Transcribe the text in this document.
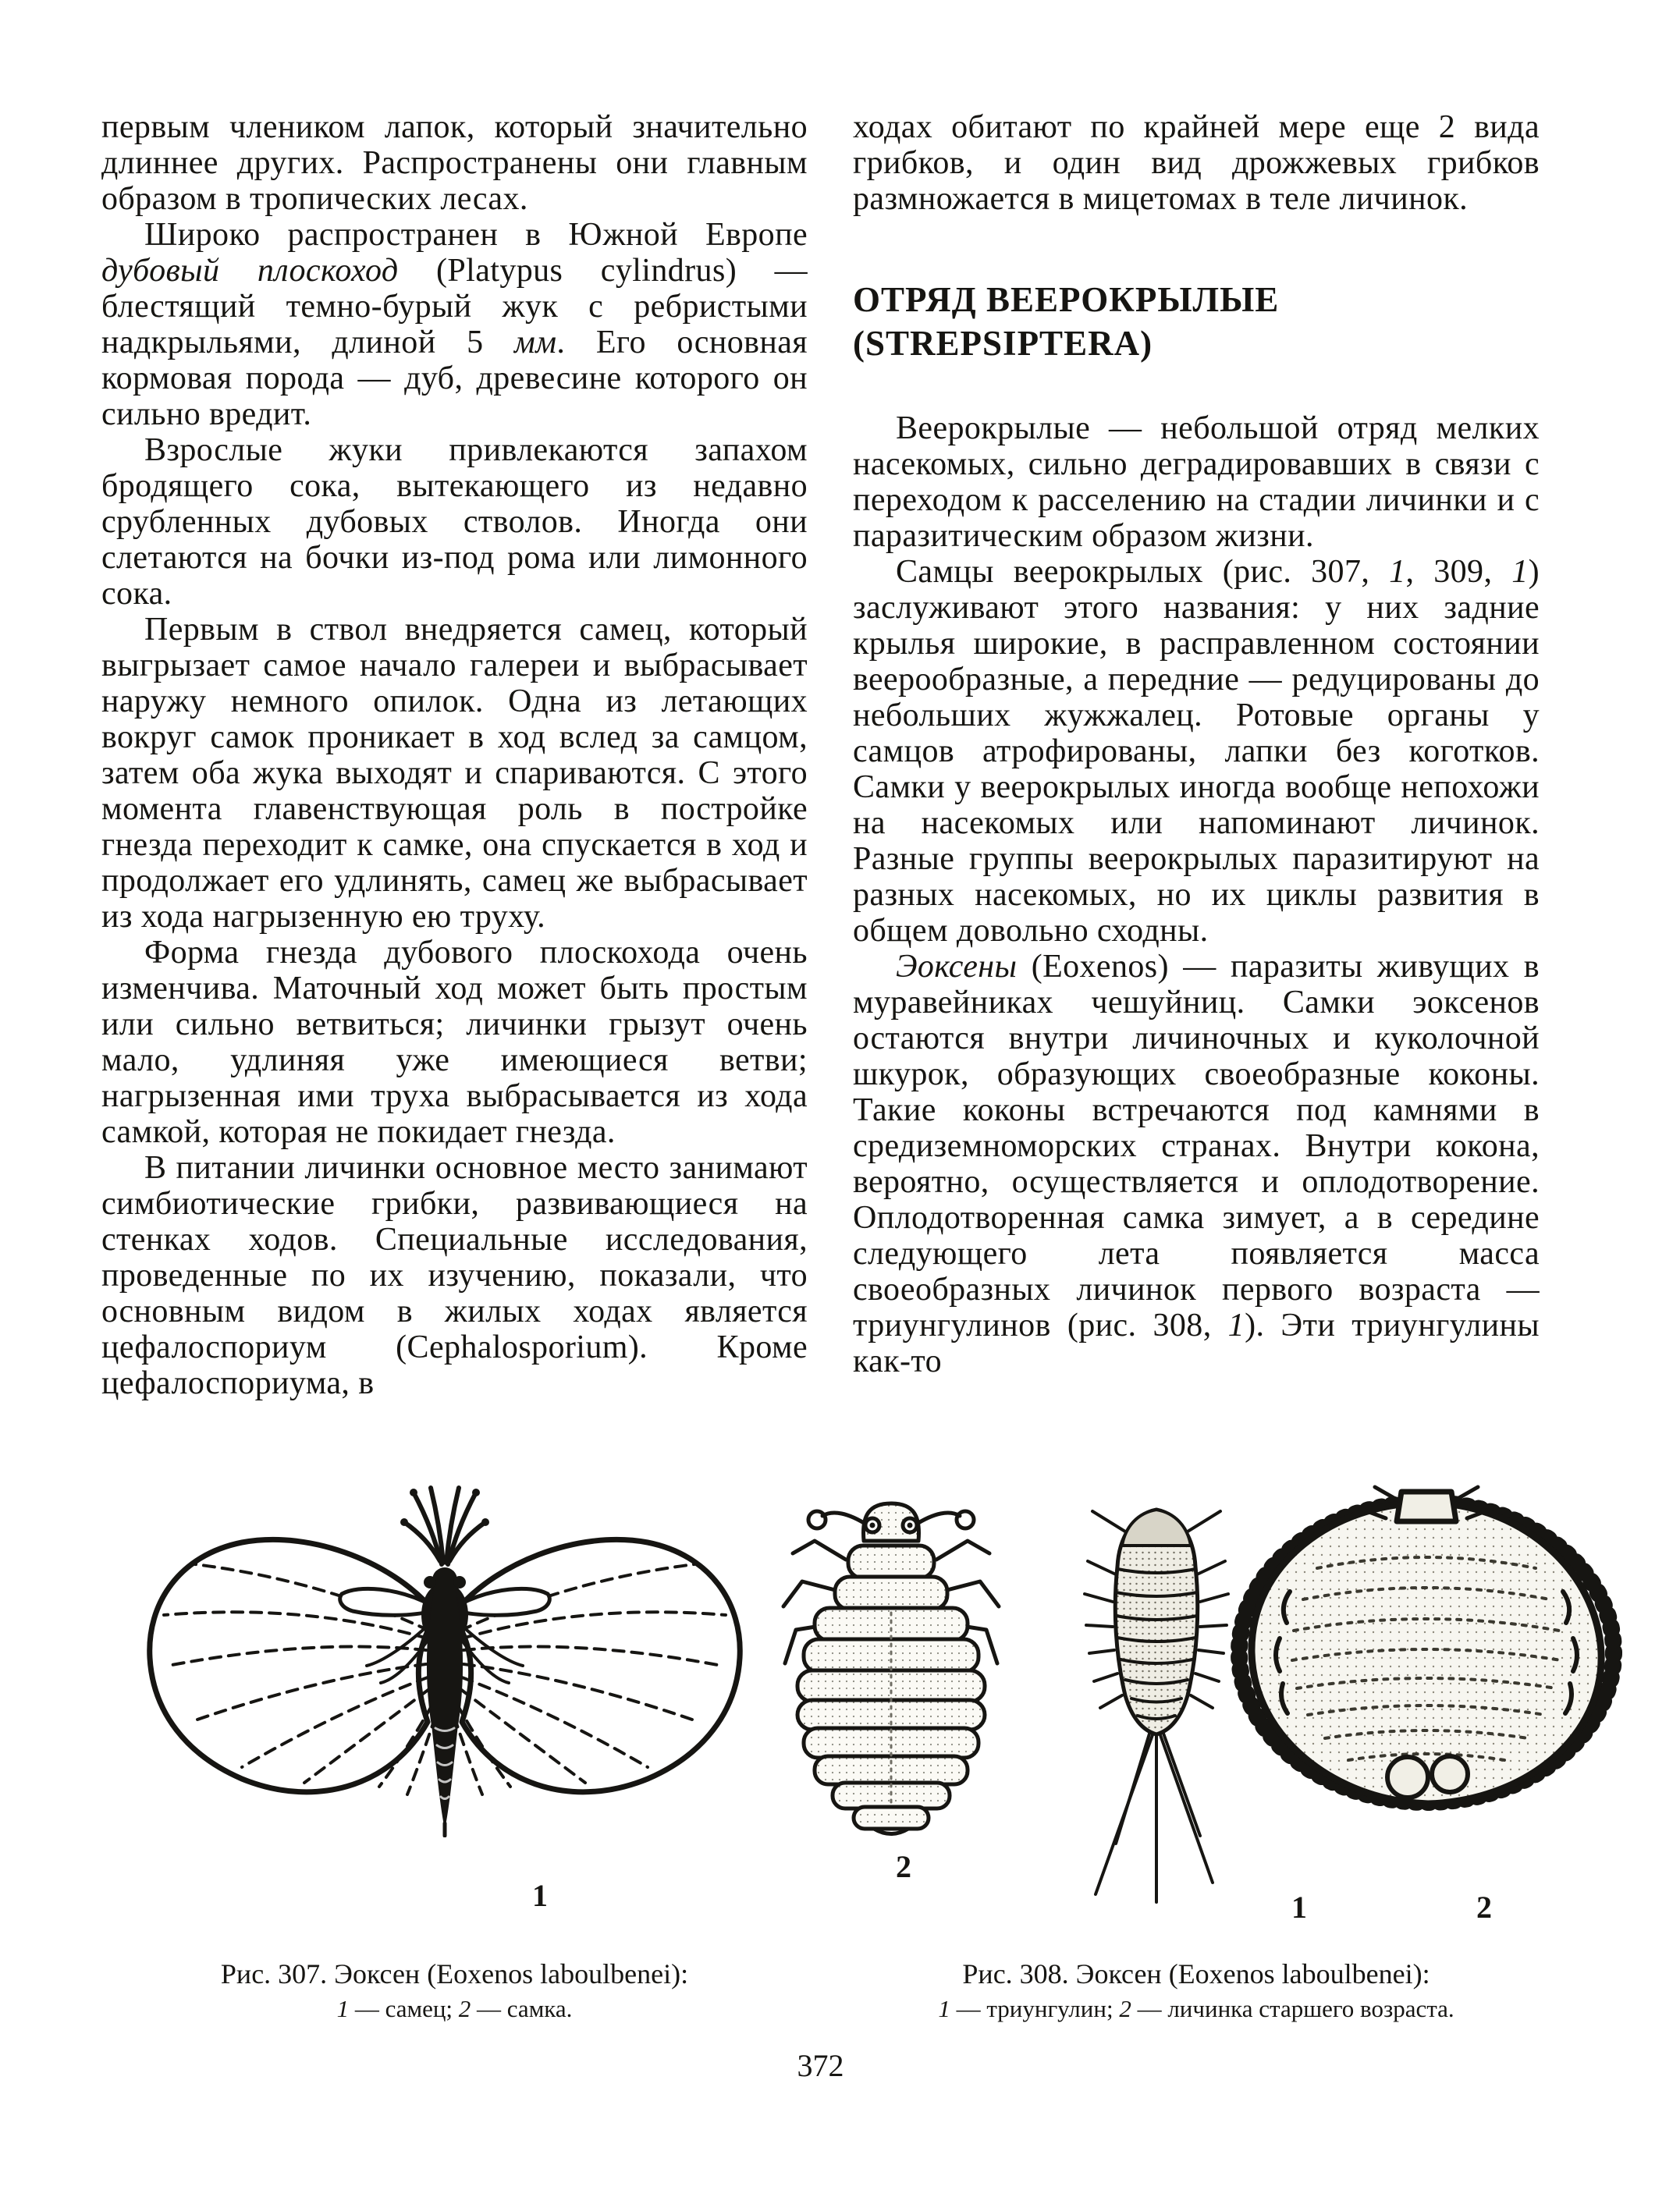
первым члеником лапок, который значительно длиннее других. Распространены они главным образом в тропических лесах.

Широко распространен в Южной Европе дубовый плоскоход (Platypus cylindrus) — блестящий темно-бурый жук с ребристыми надкрыльями, длиной 5 мм. Его основная кормовая порода — дуб, древесине которого он сильно вредит.

Взрослые жуки привлекаются запахом бродящего сока, вытекающего из недавно срубленных дубовых стволов. Иногда они слетаются на бочки из-под рома или лимонного сока.

Первым в ствол внедряется самец, который выгрызает самое начало галереи и выбрасывает наружу немного опилок. Одна из летающих вокруг самок проникает в ход вслед за самцом, затем оба жука выходят и спариваются. С этого момента главенствующая роль в постройке гнезда переходит к самке, она спускается в ход и продолжает его удлинять, самец же выбрасывает из хода нагрызенную ею труху.

Форма гнезда дубового плоскохода очень изменчива. Маточный ход может быть простым или сильно ветвиться; личинки грызут очень мало, удлиняя уже имеющиеся ветви; нагрызенная ими труха выбрасывается из хода самкой, которая не покидает гнезда.

В питании личинки основное место занимают симбиотические грибки, развивающиеся на стенках ходов. Специальные исследования, проведенные по их изучению, показали, что основным видом в жилых ходах является цефалоспориум (Cephalosporium). Кроме цефалоспориума, в

ходах обитают по крайней мере еще 2 вида грибков, и один вид дрожжевых грибков размножается в мицетомах в теле личинок.

ОТРЯД ВЕЕРОКРЫЛЫЕ
(STREPSIPTERA)

Веерокрылые — небольшой отряд мелких насекомых, сильно деградировавших в связи с переходом к расселению на стадии личинки и с паразитическим образом жизни.

Самцы веерокрылых (рис. 307, 1, 309, 1) заслуживают этого названия: у них задние крылья широкие, в расправленном состоянии веерообразные, а передние — редуцированы до небольших жужжалец. Ротовые органы у самцов атрофированы, лапки без коготков. Самки у веерокрылых иногда вообще непохожи на насекомых или напоминают личинок. Разные группы веерокрылых паразитируют на разных насекомых, но их циклы развития в общем довольно сходны.

Эоксены (Eoxenos) — паразиты живущих в муравейниках чешуйниц. Самки эоксенов остаются внутри личиночных и куколочной шкурок, образующих своеобразные коконы. Такие коконы встречаются под камнями в средиземноморских странах. Внутри кокона, вероятно, осуществляется и оплодотворение. Оплодотворенная самка зимует, а в середине следующего лета появляется масса своеобразных личинок первого возраста — триунгулинов (рис. 308, 1). Эти триунгулины как-то

1
2
1	2
Рис. 307. Эоксен (Eoxenos laboulbenei):
1 — самец; 2 — самка.
Рис. 308. Эоксен (Eoxenos laboulbenei):
1 — триунгулин; 2 — личинка старшего возраста.
372
